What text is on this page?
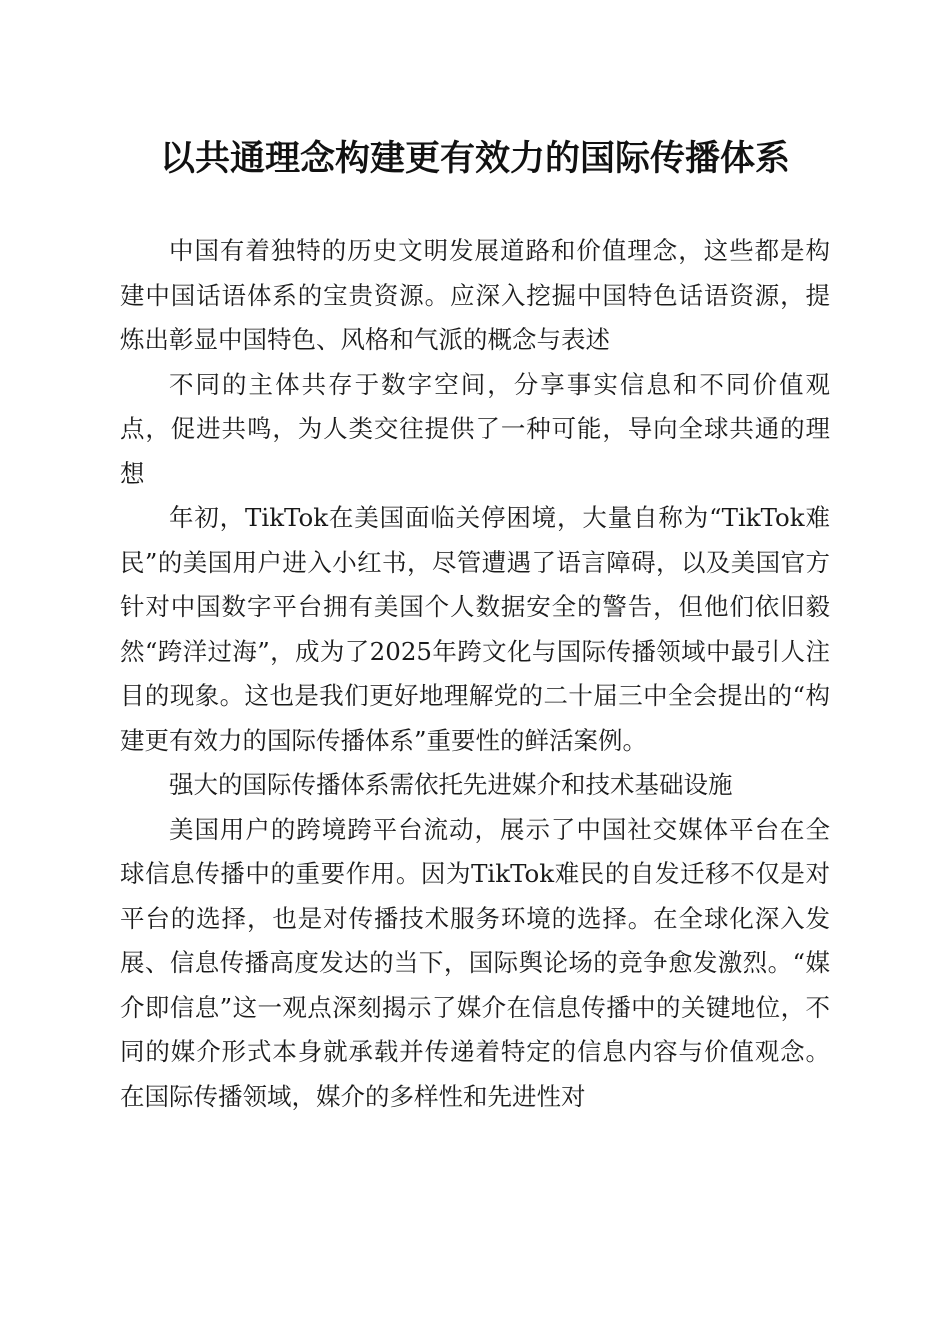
以共通理念构建更有效力的国际传播体系

中国有着独特的历史文明发展道路和价值理念，这些都是构建中国话语体系的宝贵资源。应深入挖掘中国特色话语资源，提炼出彰显中国特色、风格和气派的概念与表述

不同的主体共存于数字空间，分享事实信息和不同价值观点，促进共鸣，为人类交往提供了一种可能，导向全球共通的理想

年初，TikTok在美国面临关停困境，大量自称为“TikTok难民”的美国用户进入小红书，尽管遭遇了语言障碍，以及美国官方针对中国数字平台拥有美国个人数据安全的警告，但他们依旧毅然“跨洋过海”，成为了2025年跨文化与国际传播领域中最引人注目的现象。这也是我们更好地理解党的二十届三中全会提出的“构建更有效力的国际传播体系”重要性的鲜活案例。

强大的国际传播体系需依托先进媒介和技术基础设施

美国用户的跨境跨平台流动，展示了中国社交媒体平台在全球信息传播中的重要作用。因为TikTok难民的自发迁移不仅是对平台的选择，也是对传播技术服务环境的选择。在全球化深入发展、信息传播高度发达的当下，国际舆论场的竞争愈发激烈。“媒介即信息”这一观点深刻揭示了媒介在信息传播中的关键地位，不同的媒介形式本身就承载并传递着特定的信息内容与价值观念。在国际传播领域，媒介的多样性和先进性对
